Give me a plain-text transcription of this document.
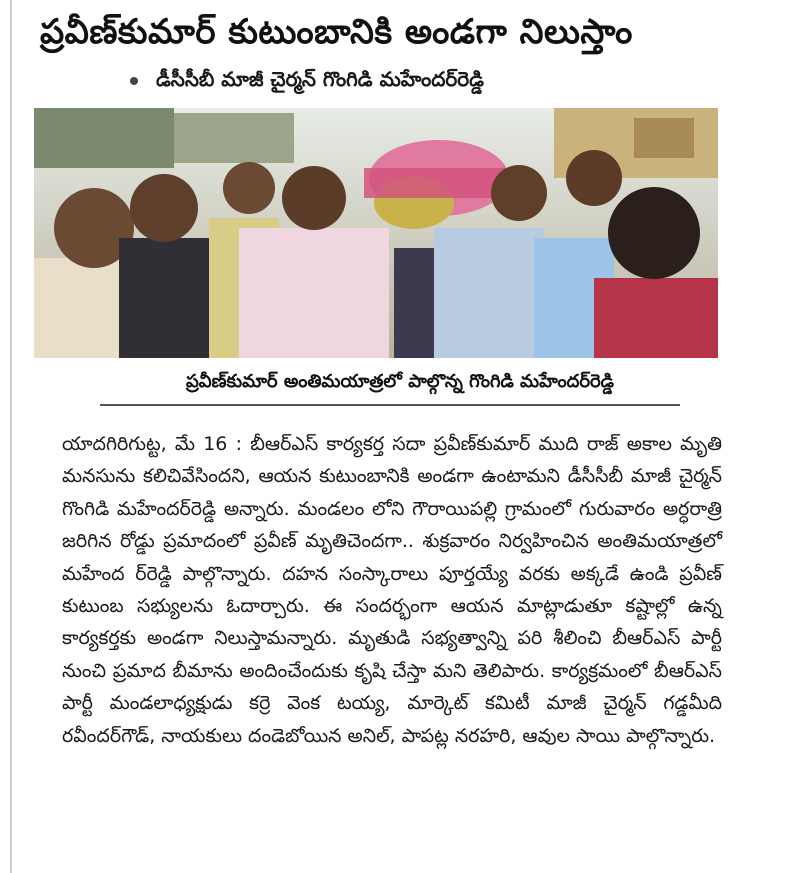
ప్రవీణ్‌కుమార్‌ కుటుంబానికి అండగా నిలుస్తాం
డీసీసీబీ మాజీ చైర్మన్‌ గొంగిడి మహేందర్‌రెడ్డి
ప్రవీణ్‌కుమార్‌ అంతిమయాత్రలో పాల్గొన్న గొంగిడి మహేందర్‌రెడ్డి

యాదగిరిగుట్ట, మే 16 : బీఆర్‌ఎస్‌ కార్యకర్త సదా ప్రవీణ్‌కుమార్‌ ముది రాజ్‌ అకాల మృతి మనసును కలిచివేసిందని, ఆయన కుటుంబానికి అండగా ఉంటామని డీసీసీబీ మాజీ చైర్మన్‌ గొంగిడి మహేందర్‌రెడ్డి అన్నారు. మండలం లోని గౌరాయిపల్లి గ్రామంలో గురువారం అర్ధరాత్రి జరిగిన రోడ్డు ప్రమాదంలో ప్రవీణ్‌ మృతిచెందగా.. శుక్రవారం నిర్వహించిన అంతిమయాత్రలో మహేంద ర్‌రెడ్డి పాల్గొన్నారు. దహన సంస్కారాలు పూర్తయ్యే వరకు అక్కడే ఉండి ప్రవీణ్‌ కుటుంబ సభ్యులను ఓదార్చారు. ఈ సందర్భంగా ఆయన మాట్లాడుతూ కష్టాల్లో ఉన్న కార్యకర్తకు అండగా నిలుస్తామన్నారు. మృతుడి సభ్యత్వాన్ని పరి శీలించి బీఆర్‌ఎస్‌ పార్టీ నుంచి ప్రమాద బీమాను అందించేందుకు కృషి చేస్తా మని తెలిపారు. కార్యక్రమంలో బీఆర్‌ఎస్‌ పార్టీ మండలాధ్యక్షుడు కర్రె వెంక టయ్య, మార్కెట్‌ కమిటీ మాజీ చైర్మన్‌ గడ్డమీది రవీందర్‌గౌడ్‌, నాయకులు దండెబోయిన అనిల్‌, పాపట్ల నరహరి, ఆవుల సాయి పాల్గొన్నారు.
